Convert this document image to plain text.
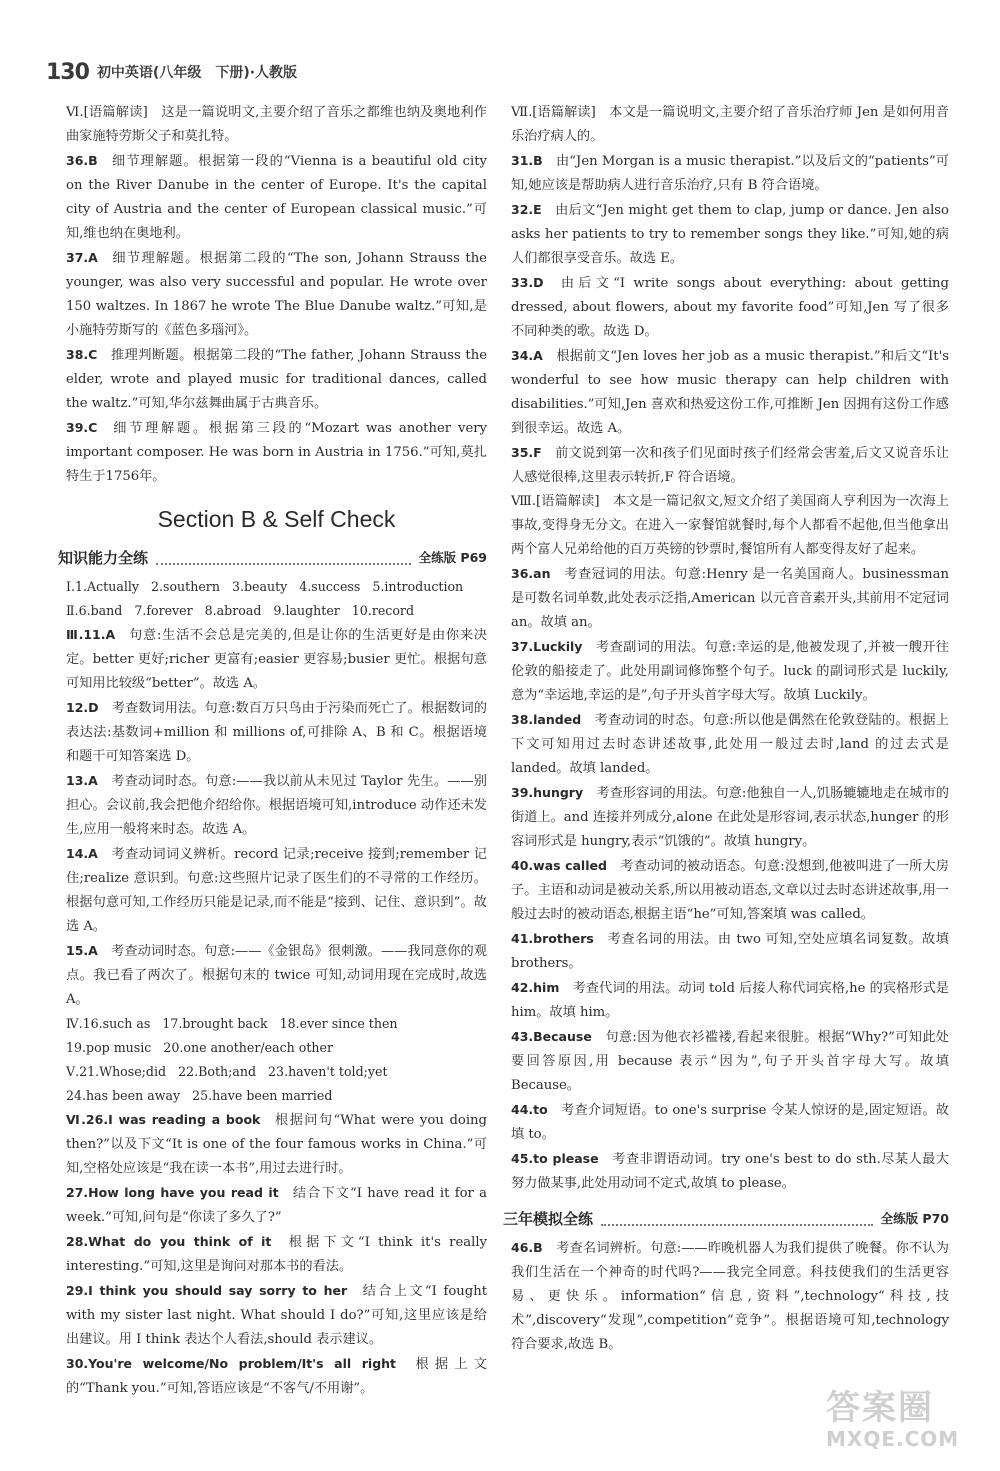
130 初中英语(八年级　下册)·人教版

Ⅵ.[语篇解读]　这是一篇说明文,主要介绍了音乐之都维也纳及奥地利作曲家施特劳斯父子和莫扎特。

36.B  细节理解题。根据第一段的“Vienna is a beautiful old city on the River Danube in the center of Europe. It's the capital city of Austria and the center of European classical music.”可知,维也纳在奥地利。

37.A  细节理解题。根据第二段的“The son, Johann Strauss the younger, was also very successful and popular. He wrote over 150 waltzes. In 1867 he wrote The Blue Danube waltz.”可知,是小施特劳斯写的《蓝色多瑙河》。

38.C  推理判断题。根据第二段的“The father, Johann Strauss the elder, wrote and played music for traditional dances, called the waltz.”可知,华尔兹舞曲属于古典音乐。

39.C  细节理解题。根据第三段的“Mozart was another very important composer. He was born in Austria in 1756.”可知,莫扎特生于1756年。

Section B & Self Check
知识能力全练	全练版 P69
Ⅰ.1.Actually 2.southern 3.beauty 4.success 5.introduction
Ⅱ.6.band 7.forever 8.abroad 9.laughter 10.record

Ⅲ.11.A  句意:生活不会总是完美的,但是让你的生活更好是由你来决定。better 更好;richer 更富有;easier 更容易;busier 更忙。根据句意可知用比较级“better”。故选 A。

12.D  考查数词用法。句意:数百万只鸟由于污染而死亡了。根据数词的表达法:基数词+million 和 millions of,可排除 A、B 和 C。根据语境和题干可知答案选 D。

13.A  考查动词时态。句意:——我以前从未见过 Taylor 先生。——别担心。会议前,我会把他介绍给你。根据语境可知,introduce 动作还未发生,应用一般将来时态。故选 A。

14.A  考查动词词义辨析。record 记录;receive 接到;remember 记住;realize 意识到。句意:这些照片记录了医生们的不寻常的工作经历。根据句意可知,工作经历只能是记录,而不能是“接到、记住、意识到”。故选 A。

15.A  考查动词时态。句意:——《金银岛》很刺激。——我同意你的观点。我已看了两次了。根据句末的 twice 可知,动词用现在完成时,故选 A。

Ⅳ.16.such as 17.brought back 18.ever since then
19.pop music 20.one another/each other
Ⅴ.21.Whose;did 22.Both;and 23.haven't told;yet
24.has been away 25.have been married

Ⅵ.26.I was reading a book  根据问句“What were you doing then?”以及下文“It is one of the four famous works in China.”可知,空格处应该是“我在读一本书”,用过去进行时。

27.How long have you read it  结合下文“I have read it for a week.”可知,问句是“你读了多久了?”

28.What do you think of it  根据下文“I think it's really interesting.”可知,这里是询问对那本书的看法。

29.I think you should say sorry to her  结合上文“I fought with my sister last night. What should I do?”可知,这里应该是给出建议。用 I think 表达个人看法,should 表示建议。

30.You're welcome/No problem/It's all right  根据上文的“Thank you.”可知,答语应该是“不客气/不用谢”。

Ⅶ.[语篇解读]　本文是一篇说明文,主要介绍了音乐治疗师 Jen 是如何用音乐治疗病人的。

31.B  由“Jen Morgan is a music therapist.”以及后文的“patients”可知,她应该是帮助病人进行音乐治疗,只有 B 符合语境。

32.E  由后文“Jen might get them to clap, jump or dance. Jen also asks her patients to try to remember songs they like.”可知,她的病人们都很享受音乐。故选 E。

33.D  由后文“I write songs about everything: about getting dressed, about flowers, about my favorite food”可知,Jen 写了很多不同种类的歌。故选 D。

34.A  根据前文“Jen loves her job as a music therapist.”和后文“It's wonderful to see how music therapy can help children with disabilities.”可知,Jen 喜欢和热爱这份工作,可推断 Jen 因拥有这份工作感到很幸运。故选 A。

35.F  前文说到第一次和孩子们见面时孩子们经常会害羞,后文又说音乐让人感觉很棒,这里表示转折,F 符合语境。

Ⅷ.[语篇解读]　本文是一篇记叙文,短文介绍了美国商人亨利因为一次海上事故,变得身无分文。在进入一家餐馆就餐时,每个人都看不起他,但当他拿出两个富人兄弟给他的百万英镑的钞票时,餐馆所有人都变得友好了起来。

36.an  考查冠词的用法。句意:Henry 是一名美国商人。businessman 是可数名词单数,此处表示泛指,American 以元音音素开头,其前用不定冠词 an。故填 an。

37.Luckily  考查副词的用法。句意:幸运的是,他被发现了,并被一艘开往伦敦的船接走了。此处用副词修饰整个句子。luck 的副词形式是 luckily,意为“幸运地,幸运的是”,句子开头首字母大写。故填 Luckily。

38.landed  考查动词的时态。句意:所以他是偶然在伦敦登陆的。根据上下文可知用过去时态讲述故事,此处用一般过去时,land 的过去式是 landed。故填 landed。

39.hungry  考查形容词的用法。句意:他独自一人,饥肠辘辘地走在城市的街道上。and 连接并列成分,alone 在此处是形容词,表示状态,hunger 的形容词形式是 hungry,表示“饥饿的”。故填 hungry。

40.was called  考查动词的被动语态。句意:没想到,他被叫进了一所大房子。主语和动词是被动关系,所以用被动语态,文章以过去时态讲述故事,用一般过去时的被动语态,根据主语“he”可知,答案填 was called。

41.brothers  考查名词的用法。由 two 可知,空处应填名词复数。故填 brothers。

42.him  考查代词的用法。动词 told 后接人称代词宾格,he 的宾格形式是 him。故填 him。

43.Because  句意:因为他衣衫褴褛,看起来很脏。根据“Why?”可知此处要回答原因,用 because 表示“因为”,句子开头首字母大写。故填 Because。

44.to  考查介词短语。to one's surprise 令某人惊讶的是,固定短语。故填 to。

45.to please  考查非谓语动词。try one's best to do sth.尽某人最大努力做某事,此处用动词不定式,故填 to please。

三年模拟全练	全练版 P70

46.B  考查名词辨析。句意:——昨晚机器人为我们提供了晚餐。你不认为我们生活在一个神奇的时代吗?——我完全同意。科技使我们的生活更容易、更快乐。information“信息,资料”,technology“科技,技术”,discovery“发现”,competition“竞争”。根据语境可知,technology 符合要求,故选 B。

答案圈
MXQE.COM
